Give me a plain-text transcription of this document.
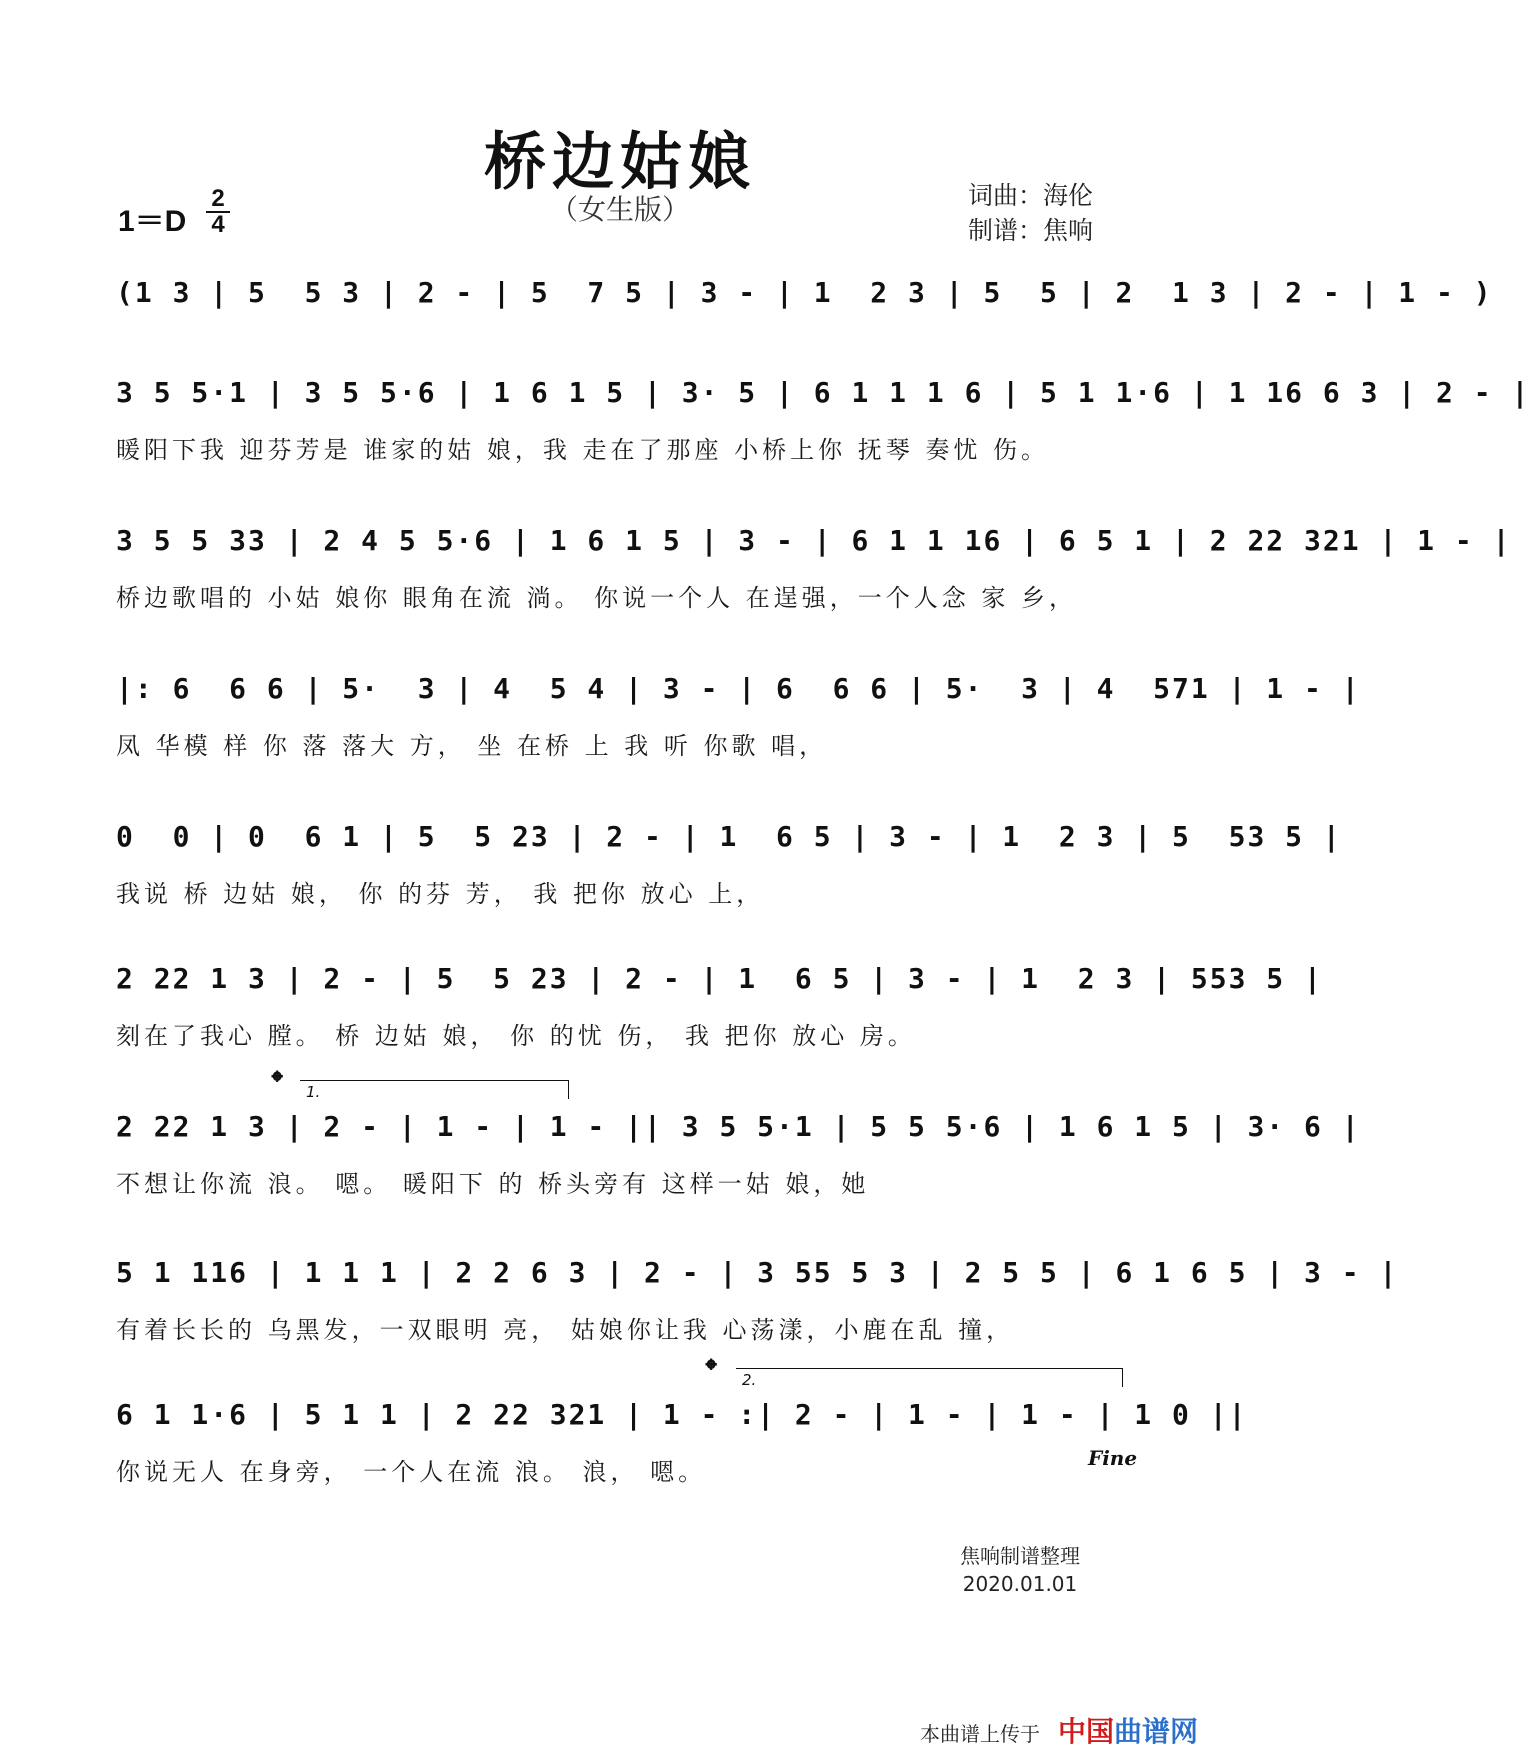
桥边姑娘
（女生版）
1＝D
2
4
词曲：海伦
制谱：焦响
(1 3 | 5  5 3 | 2 - | 5  7 5 | 3 - | 1  2 3 | 5  5 | 2  1 3 | 2 - | 1 - )
3 5 5·1 | 3 5 5·6 | 1 6 1 5 | 3· 5 | 6 1 1 1 6 | 5 1 1·6 | 1 16 6 3 | 2 - |
暖阳下我 迎芬芳是 谁家的姑 娘，我 走在了那座 小桥上你 抚琴 奏忧 伤。
3 5 5 33 | 2 4 5 5·6 | 1 6 1 5 | 3 - | 6 1 1 16 | 6 5 1 | 2 22 321 | 1 - |
桥边歌唱的 小姑 娘你 眼角在流 淌。 你说一个人 在逞强，一个人念 家 乡，
|: 6  6 6 | 5·  3 | 4  5 4 | 3 - | 6  6 6 | 5·  3 | 4  571 | 1 - |
凤 华模 样 你 落 落大 方， 坐 在桥 上 我 听 你歌 唱，
0  0 | 0  6 1 | 5  5 23 | 2 - | 1  6 5 | 3 - | 1  2 3 | 5  53 5 |
我说 桥 边姑 娘， 你 的芬 芳， 我 把你 放心 上，
2 22 1 3 | 2 - | 5  5 23 | 2 - | 1  6 5 | 3 - | 1  2 3 | 553 5 |
刻在了我心 膛。 桥 边姑 娘， 你 的忧 伤， 我 把你 放心 房。
𝄌	1.
2 22 1 3 | 2 - | 1 - | 1 - || 3 5 5·1 | 5 5 5·6 | 1 6 1 5 | 3· 6 |
不想让你流 浪。 嗯。 暖阳下 的 桥头旁有 这样一姑 娘，她
5 1 116 | 1 1 1 | 2 2 6 3 | 2 - | 3 55 5 3 | 2 5 5 | 6 1 6 5 | 3 - |
有着长长的 乌黑发，一双眼明 亮， 姑娘你让我 心荡漾，小鹿在乱 撞，
𝄌	2.
6 1 1·6 | 5 1 1 | 2 22 321 | 1 - :| 2 - | 1 - | 1 - | 1 0 ||
你说无人 在身旁， 一个人在流 浪。 浪， 嗯。	Fine
焦响制谱整理
2020.01.01
本曲谱上传于 中国曲谱网
